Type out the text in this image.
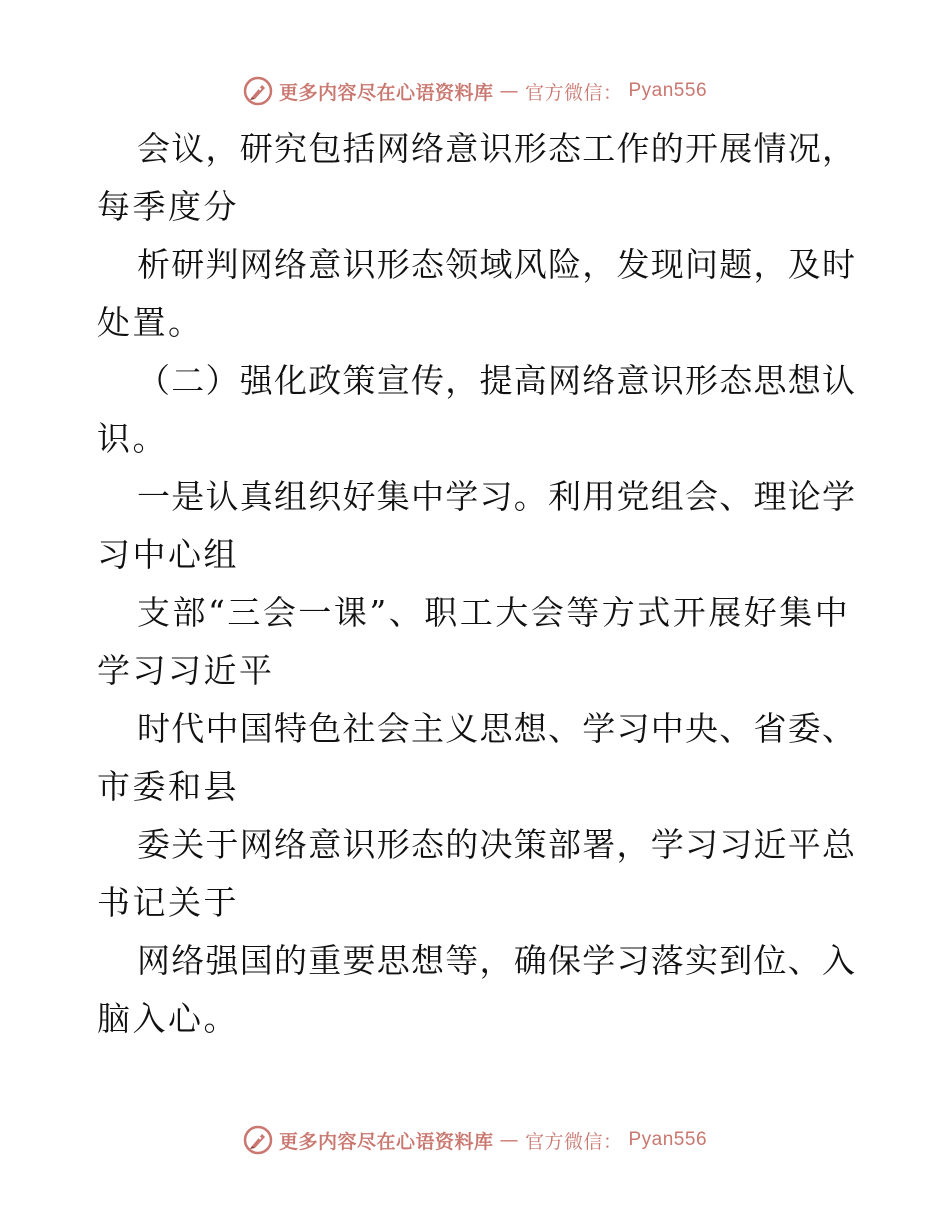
更多内容尽在心语资料库 — 官方微信： Pyan556
会议，研究包括网络意识形态工作的开展情况，
每季度分
析研判网络意识形态领域风险，发现问题，及时
处置。
（二）强化政策宣传，提高网络意识形态思想认
识。
一是认真组织好集中学习。利用党组会、理论学
习中心组
支部“三会一课”、职工大会等方式开展好集中
学习习近平
时代中国特色社会主义思想、学习中央、省委、
市委和县
委关于网络意识形态的决策部署，学习习近平总
书记关于
网络强国的重要思想等，确保学习落实到位、入
脑入心。
更多内容尽在心语资料库 — 官方微信： Pyan556
